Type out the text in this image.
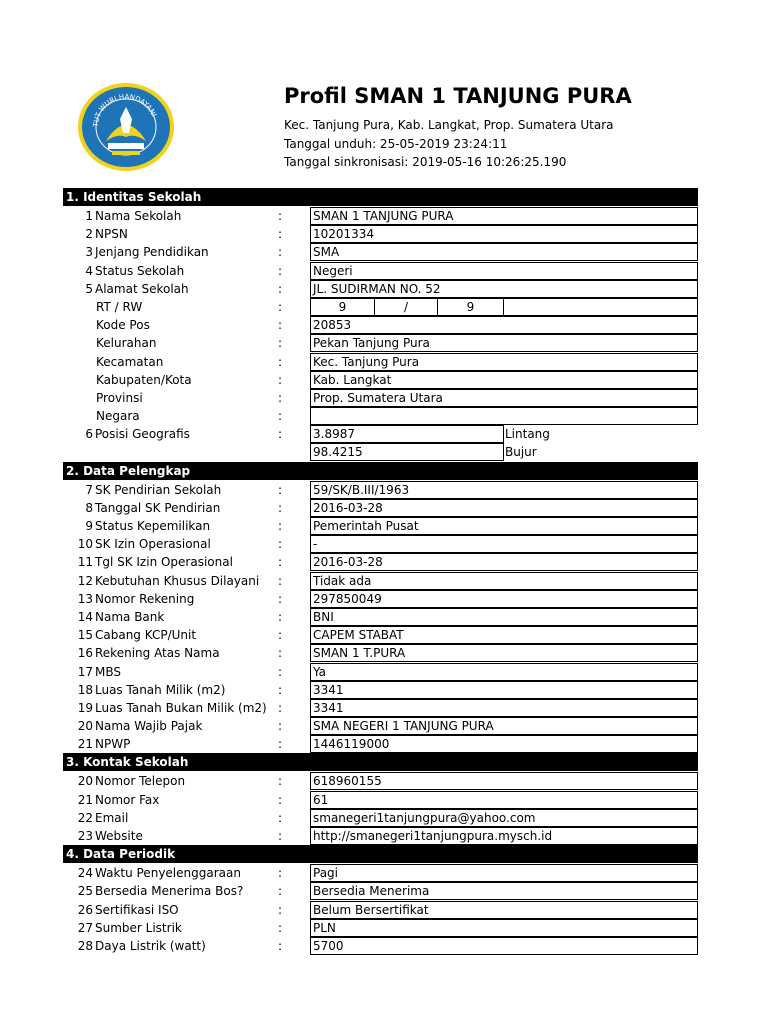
TUT WURI HANDAYANI
Profil SMAN 1 TANJUNG PURA
Kec. Tanjung Pura, Kab. Langkat, Prop. Sumatera Utara
Tanggal unduh: 25-05-2019 23:24:11
Tanggal sinkronisasi: 2019-05-16 10:26:25.190
1. Identitas Sekolah
1 Nama Sekolah	:	SMAN 1 TANJUNG PURA
2 NPSN	:	10201334
3 Jenjang Pendidikan	:	SMA
4 Status Sekolah	:	Negeri
5 Alamat Sekolah	:	JL. SUDIRMAN NO. 52
RT / RW	:	9	/	9
Kode Pos	:	20853
Kelurahan	:	Pekan Tanjung Pura
Kecamatan	:	Kec. Tanjung Pura
Kabupaten/Kota	:	Kab. Langkat
Provinsi	:	Prop. Sumatera Utara
Negara	:
6 Posisi Geografis	:	3.8987	Lintang
98.4215	Bujur
2. Data Pelengkap
7 SK Pendirian Sekolah	:	59/SK/B.III/1963
8 Tanggal SK Pendirian	:	2016-03-28
9 Status Kepemilikan	:	Pemerintah Pusat
10 SK Izin Operasional	:	-
11 Tgl SK Izin Operasional	:	2016-03-28
12 Kebutuhan Khusus Dilayani :	Tidak ada
13 Nomor Rekening	:	297850049
14 Nama Bank	:	BNI
15 Cabang KCP/Unit	:	CAPEM STABAT
16 Rekening Atas Nama	:	SMAN 1 T.PURA
17 MBS	:	Ya
18 Luas Tanah Milik (m2)	:	3341
19 Luas Tanah Bukan Milik (m2) :	3341
20 Nama Wajib Pajak	:	SMA NEGERI 1 TANJUNG PURA
21 NPWP	:	1446119000
3. Kontak Sekolah
20 Nomor Telepon	:	618960155
21 Nomor Fax	:	61
22 Email	:	smanegeri1tanjungpura@yahoo.com
23 Website	:	http://smanegeri1tanjungpura.mysch.id
4. Data Periodik
24 Waktu Penyelenggaraan	:	Pagi
25 Bersedia Menerima Bos?	:	Bersedia Menerima
26 Sertifikasi ISO	:	Belum Bersertifikat
27 Sumber Listrik	:	PLN
28 Daya Listrik (watt)	:	5700
